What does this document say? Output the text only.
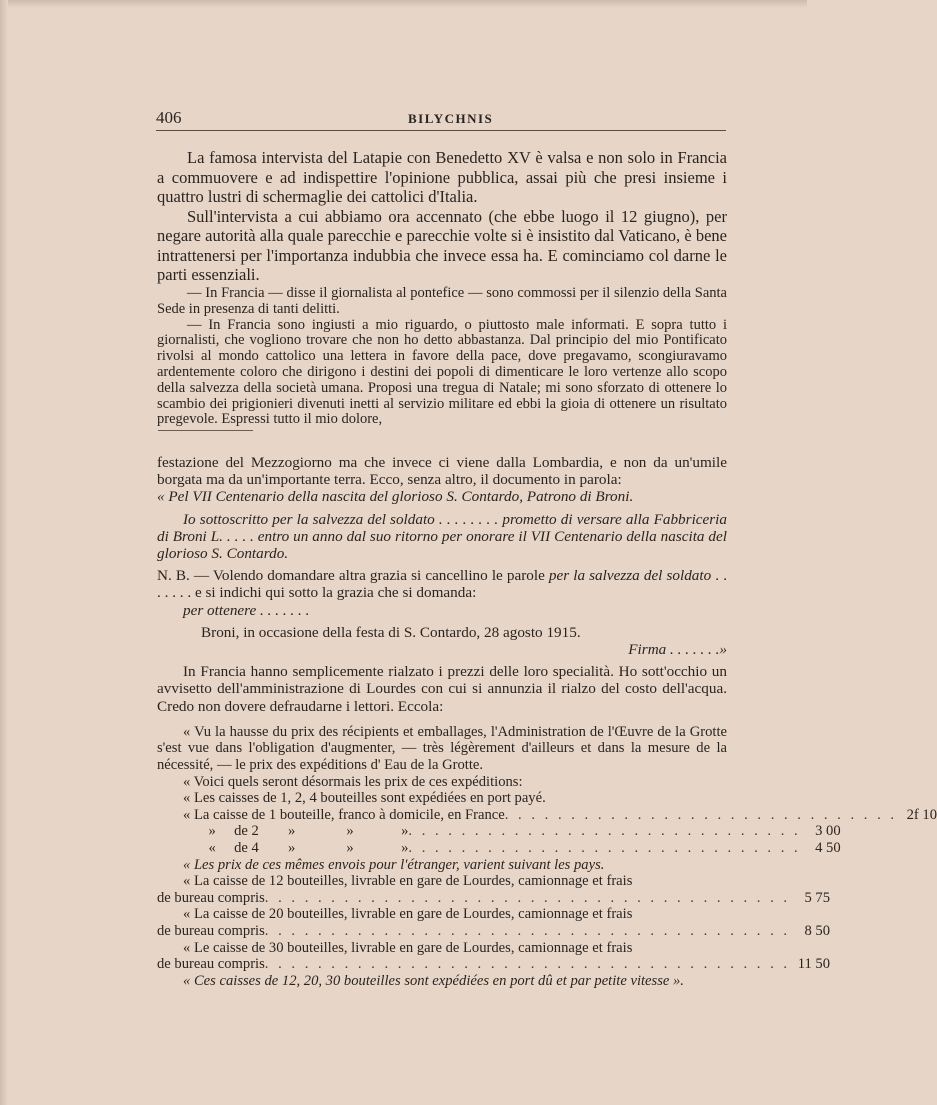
406	BILYCHNIS

La famosa intervista del Latapie con Benedetto XV è valsa e non solo in Francia a commuovere e ad indispettire l'opinione pubblica, assai più che presi insieme i quattro lustri di schermaglie dei cattolici d'Italia.

Sull'intervista a cui abbiamo ora accennato (che ebbe luogo il 12 giugno), per negare autorità alla quale parecchie e parecchie volte si è insistito dal Vaticano, è bene intrattenersi per l'importanza indubbia che invece essa ha. E cominciamo col darne le parti essenziali.

— In Francia — disse il giornalista al pontefice — sono commossi per il silenzio della Santa Sede in presenza di tanti delitti.

— In Francia sono ingiusti a mio riguardo, o piuttosto male informati. E sopra tutto i giornalisti, che vogliono trovare che non ho detto abbastanza. Dal principio del mio Pontificato rivolsi al mondo cattolico una lettera in favore della pace, dove pregavamo, scongiuravamo ardentemente coloro che dirigono i destini dei popoli di dimenticare le loro vertenze allo scopo della salvezza della società umana. Proposi una tregua di Natale; mi sono sforzato di ottenere lo scambio dei prigionieri divenuti inetti al servizio militare ed ebbi la gioia di ottenere un risultato pregevole. Espressi tutto il mio dolore,

festazione del Mezzogiorno ma che invece ci viene dalla Lombardia, e non da un'umile borgata ma da un'importante terra. Ecco, senza altro, il documento in parola:

« Pel VII Centenario della nascita del glorioso S. Contardo, Patrono di Broni.

Io sottoscritto per la salvezza del soldato . . . . . . . . prometto di versare alla Fabbriceria di Broni L. . . . . entro un anno dal suo ritorno per onorare il VII Centenario della nascita del glorioso S. Contardo.

N. B. — Volendo domandare altra grazia si cancellino le parole per la salvezza del soldato . . . . . . . e si indichi qui sotto la grazia che si domanda:

per ottenere . . . . . . .

Broni, in occasione della festa di S. Contardo, 28 agosto 1915.

Firma . . . . . . .»

In Francia hanno semplicemente rialzato i prezzi delle loro specialità. Ho sott'occhio un avvisetto dell'amministrazione di Lourdes con cui si annunzia il rialzo del costo dell'acqua. Credo non dovere defraudarne i lettori. Eccola:

« Vu la hausse du prix des récipients et emballages, l'Administration de l'Œuvre de la Grotte s'est vue dans l'obligation d'augmenter, — très légèrement d'ailleurs et dans la mesure de la nécessité, — le prix des expéditions d' Eau de la Grotte.

« Voici quels seront désormais les prix de ces expéditions:

« Les caisses de 1, 2, 4 bouteilles sont expédiées en port payé.

« La caisse de 1 bouteille, franco à domicile, en France . . . . . . . . . . . . . . . . . . . . . . . . . . . . . . 2f 10
»     de 2        »              »             » . . . . . . . . . . . . . . . . . . . . . . . . . . . . . . 3 00
«     de 4        »              »             » . . . . . . . . . . . . . . . . . . . . . . . . . . . . . . 4 50

« Les prix de ces mêmes envois pour l'étranger, varient suivant les pays.

« La caisse de 12 bouteilles, livrable en gare de Lourdes, camionnage et frais

de bureau compris . . . . . . . . . . . . . . . . . . . . . . . . . . . . . . . . . . . . . . . . 5 75

« La caisse de 20 bouteilles, livrable en gare de Lourdes, camionnage et frais

de bureau compris . . . . . . . . . . . . . . . . . . . . . . . . . . . . . . . . . . . . . . . . 8 50

« Le caisse de 30 bouteilles, livrable en gare de Lourdes, camionnage et frais

de bureau compris . . . . . . . . . . . . . . . . . . . . . . . . . . . . . . . . . . . . . . . . 11 50

« Ces caisses de 12, 20, 30 bouteilles sont expédiées en port dû et par petite vitesse ».
